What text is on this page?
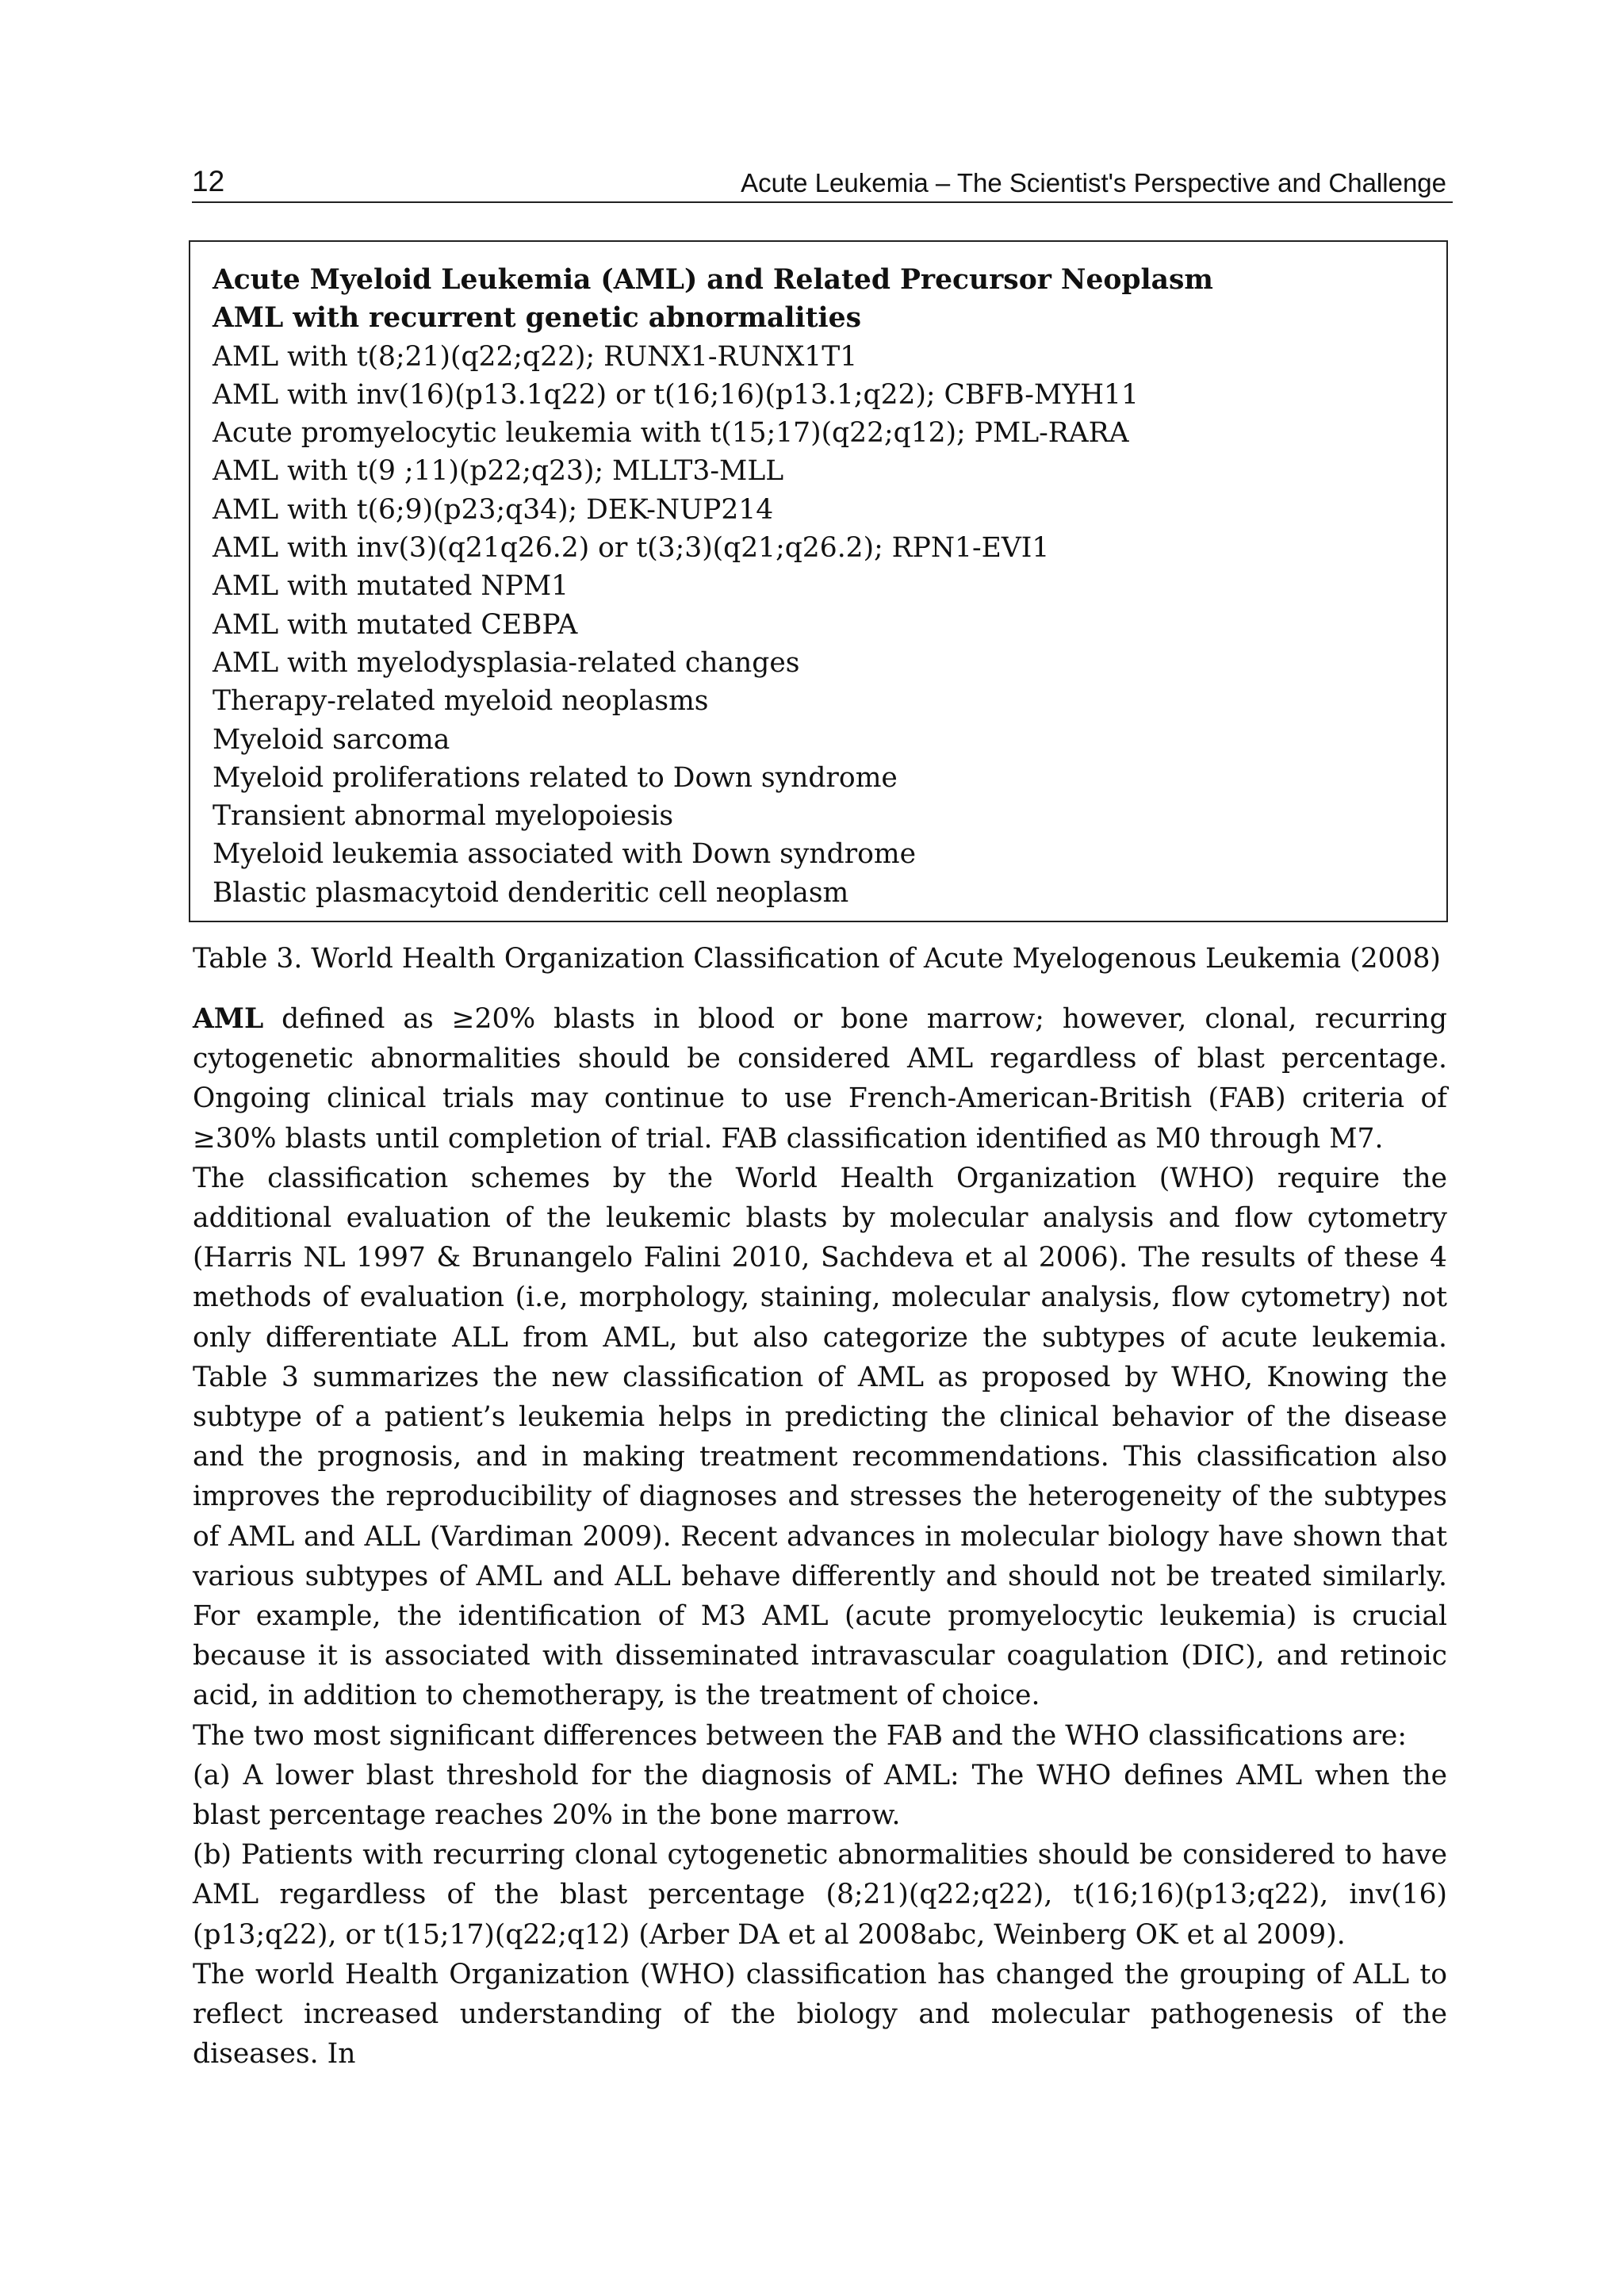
12	Acute Leukemia – The Scientist's Perspective and Challenge
Acute Myeloid Leukemia (AML) and Related Precursor Neoplasm
AML with recurrent genetic abnormalities
AML with t(8;21)(q22;q22); RUNX1-RUNX1T1
AML with inv(16)(p13.1q22) or t(16;16)(p13.1;q22); CBFB-MYH11
Acute promyelocytic leukemia with t(15;17)(q22;q12); PML-RARA
AML with t(9 ;11)(p22;q23); MLLT3-MLL
AML with t(6;9)(p23;q34); DEK-NUP214
AML with inv(3)(q21q26.2) or t(3;3)(q21;q26.2); RPN1-EVI1
AML with mutated NPM1
AML with mutated CEBPA
AML with myelodysplasia-related changes
Therapy-related myeloid neoplasms
Myeloid sarcoma
Myeloid proliferations related to Down syndrome
Transient abnormal myelopoiesis
Myeloid leukemia associated with Down syndrome
Blastic plasmacytoid denderitic cell neoplasm
Table 3. World Health Organization Classification of Acute Myelogenous Leukemia (2008)

AML defined as ≥20% blasts in blood or bone marrow; however, clonal, recurring cytogenetic abnormalities should be considered AML regardless of blast percentage. Ongoing clinical trials may continue to use French-American-British (FAB) criteria of ≥30% blasts until completion of trial. FAB classification identified as M0 through M7.

The classification schemes by the World Health Organization (WHO) require the additional evaluation of the leukemic blasts by molecular analysis and flow cytometry (Harris NL 1997 & Brunangelo Falini 2010, Sachdeva et al 2006). The results of these 4 methods of evaluation (i.e, morphology, staining, molecular analysis, flow cytometry) not only differentiate ALL from AML, but also categorize the subtypes of acute leukemia. Table 3 summarizes the new classification of AML as proposed by WHO, Knowing the subtype of a patient’s leukemia helps in predicting the clinical behavior of the disease and the prognosis, and in making treatment recommendations. This classification also improves the reproducibility of diagnoses and stresses the heterogeneity of the subtypes of AML and ALL (Vardiman 2009). Recent advances in molecular biology have shown that various subtypes of AML and ALL behave differently and should not be treated similarly. For example, the identification of M3 AML (acute promyelocytic leukemia) is crucial because it is associated with disseminated intravascular coagulation (DIC), and retinoic acid, in addition to chemotherapy, is the treatment of choice.

The two most significant differences between the FAB and the WHO classifications are:

(a) A lower blast threshold for the diagnosis of AML: The WHO defines AML when the blast percentage reaches 20% in the bone marrow.

(b) Patients with recurring clonal cytogenetic abnormalities should be considered to have AML regardless of the blast percentage (8;21)(q22;q22), t(16;16)(p13;q22), inv(16)(p13;q22), or t(15;17)(q22;q12) (Arber DA et al 2008abc, Weinberg OK et al 2009).

The world Health Organization (WHO) classification has changed the grouping of ALL to reflect increased understanding of the biology and molecular pathogenesis of the diseases. In
